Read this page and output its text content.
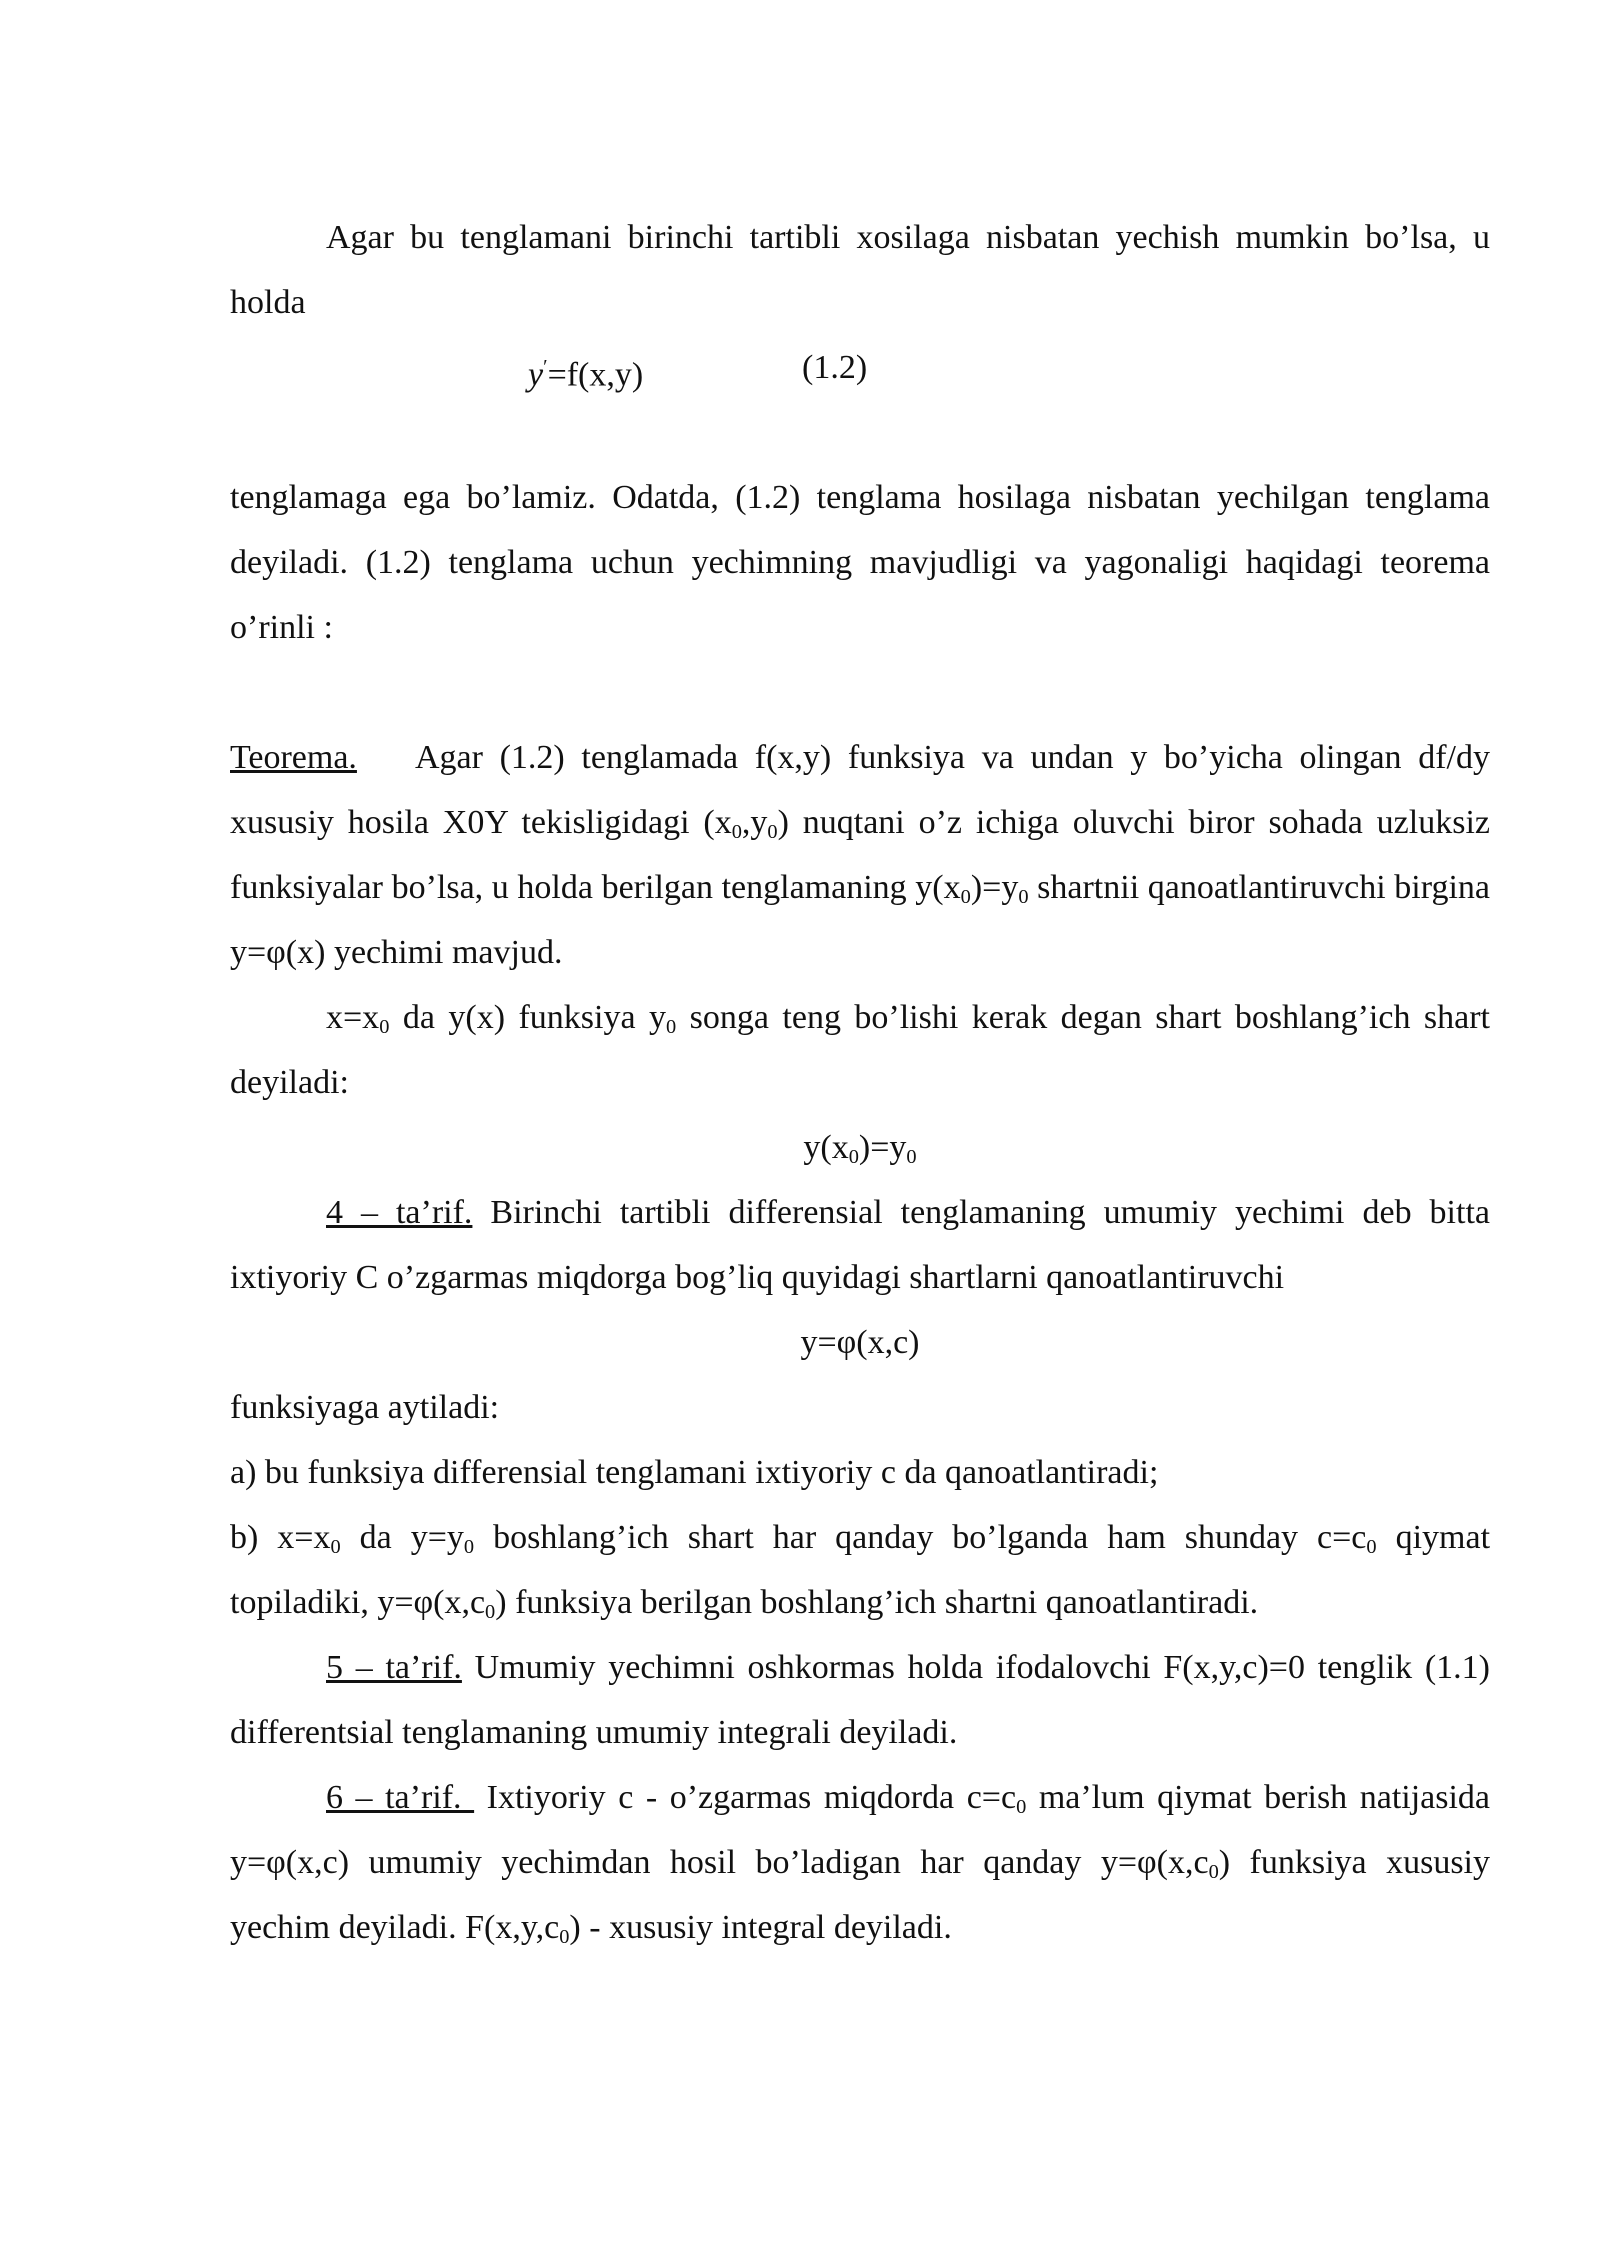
Agar bu tenglamani birinchi tartibli xosilaga nisbatan yechish mumkin bo’lsa, u holda

y′=f(x,y)	(1.2)

tenglamaga ega bo’lamiz. Odatda, (1.2) tenglama hosilaga nisbatan yechilgan tenglama deyiladi. (1.2) tenglama uchun yechimning mavjudligi va yagonaligi haqidagi teorema o’rinli :

Teorema. Agar (1.2) tenglamada f(x,y) funksiya va undan y bo’yicha olingan df/dy xususiy hosila X0Y tekisligidagi $(x_0,y_0)$ nuqtani o’z ichiga oluvchi biror sohada uzluksiz funksiyalar bo’lsa, u holda berilgan tenglamaning $y(x_0)=y_0$ shartnii qanoatlantiruvchi birgina y=φ(x) yechimi mavjud.

$x=x_0$ da y(x) funksiya $y_0$ songa teng bo’lishi kerak degan shart boshlang’ich shart deyiladi:

$y(x_0)=y_0$

4 – ta’rif. Birinchi tartibli differensial tenglamaning umumiy yechimi deb bitta ixtiyoriy C o’zgarmas miqdorga bog’liq quyidagi shartlarni qanoatlantiruvchi

y=φ(x,c)

funksiyaga aytiladi:

a) bu funksiya differensial tenglamani ixtiyoriy c da qanoatlantiradi;

b) $x=x_0$ da $y=y_0$ boshlang’ich shart har qanday bo’lganda ham shunday $c=c_0$ qiymat topiladiki, $y=\varphi(x,c_0)$ funksiya berilgan boshlang’ich shartni qanoatlantiradi.

5 – ta’rif. Umumiy yechimni oshkormas holda ifodalovchi F(x,y,c)=0 tenglik (1.1) differentsial tenglamaning umumiy integrali deyiladi.

6 – ta’rif.  Ixtiyoriy c - o’zgarmas miqdorda $c=c_0$ ma’lum qiymat berish natijasida y=φ(x,c) umumiy yechimdan hosil bo’ladigan har qanday $y=\varphi(x,c_0)$ funksiya xususiy yechim deyiladi. $F(x,y,c_0)$ - xususiy integral deyiladi.
